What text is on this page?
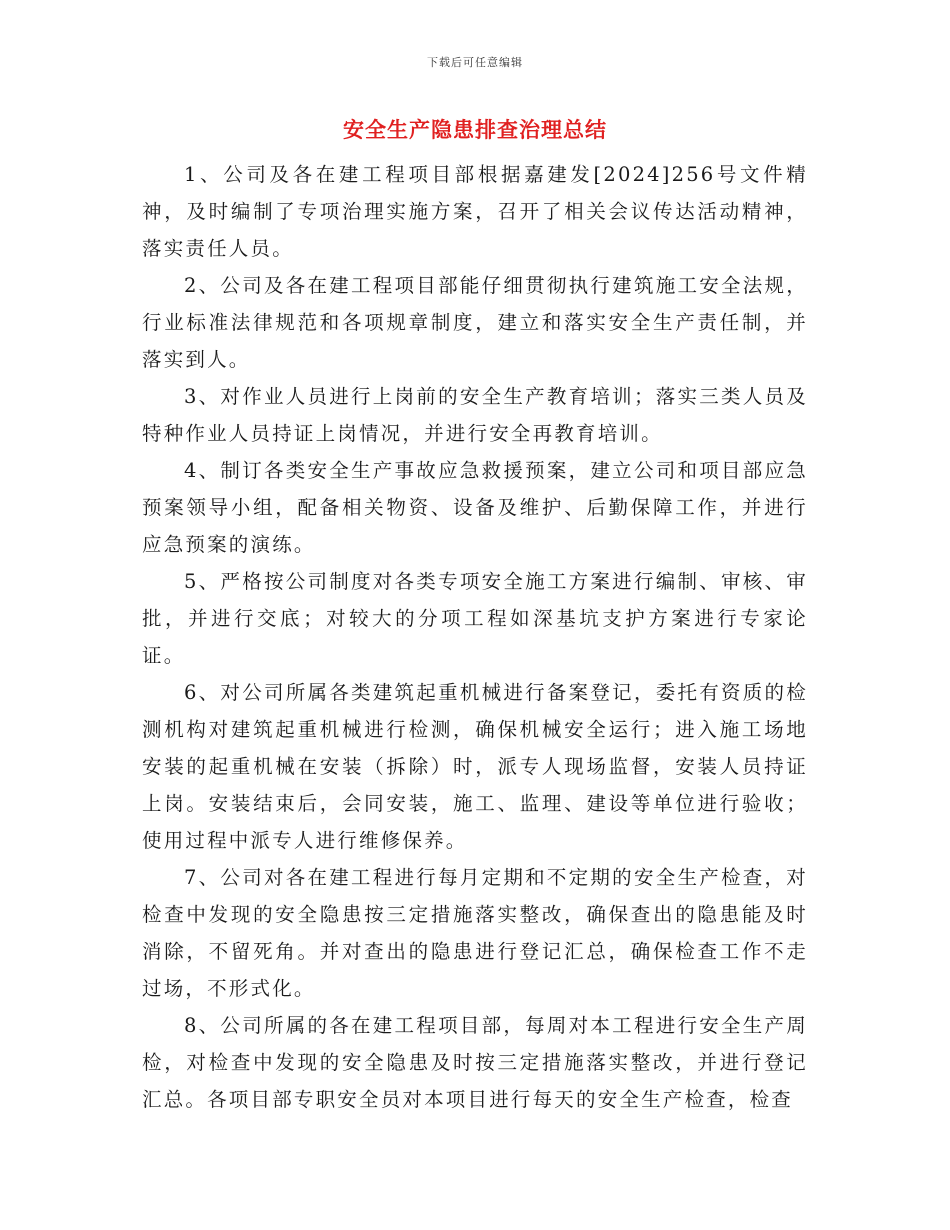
下载后可任意编辑
安全生产隐患排查治理总结

1、公司及各在建工程项目部根据嘉建发[2024]256号文件精神，及时编制了专项治理实施方案，召开了相关会议传达活动精神，落实责任人员。

2、公司及各在建工程项目部能仔细贯彻执行建筑施工安全法规，行业标准法律规范和各项规章制度，建立和落实安全生产责任制，并落实到人。

3、对作业人员进行上岗前的安全生产教育培训；落实三类人员及特种作业人员持证上岗情况，并进行安全再教育培训。

4、制订各类安全生产事故应急救援预案，建立公司和项目部应急预案领导小组，配备相关物资、设备及维护、后勤保障工作，并进行应急预案的演练。

5、严格按公司制度对各类专项安全施工方案进行编制、审核、审批，并进行交底；对较大的分项工程如深基坑支护方案进行专家论证。

6、对公司所属各类建筑起重机械进行备案登记，委托有资质的检测机构对建筑起重机械进行检测，确保机械安全运行；进入施工场地安装的起重机械在安装（拆除）时，派专人现场监督，安装人员持证上岗。安装结束后，会同安装，施工、监理、建设等单位进行验收；使用过程中派专人进行维修保养。

7、公司对各在建工程进行每月定期和不定期的安全生产检查，对检查中发现的安全隐患按三定措施落实整改，确保查出的隐患能及时消除，不留死角。并对查出的隐患进行登记汇总，确保检查工作不走过场，不形式化。

8、公司所属的各在建工程项目部，每周对本工程进行安全生产周检，对检查中发现的安全隐患及时按三定措施落实整改，并进行登记汇总。各项目部专职安全员对本项目进行每天的安全生产检查，检查
